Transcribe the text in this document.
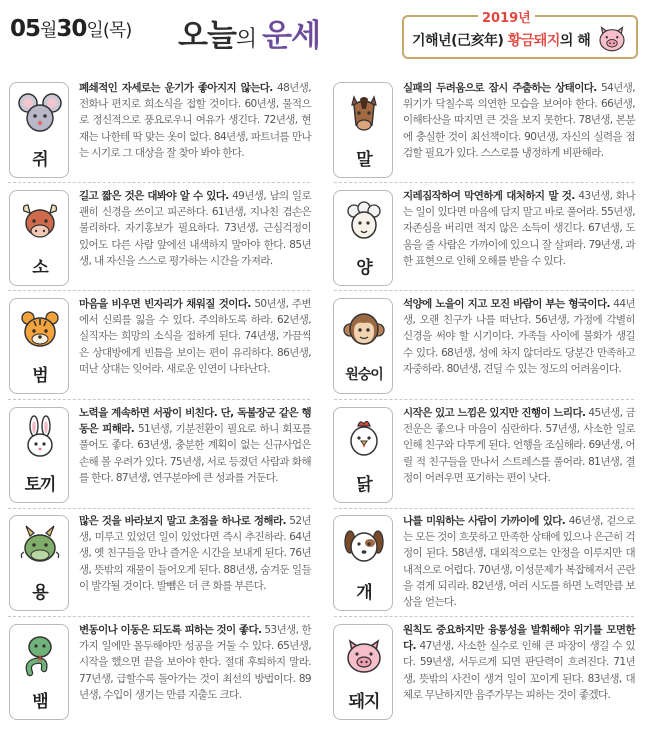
05월30일(목) 오늘의 운세	2019년
기해년(己亥年) 황금돼지의 해
쥐
폐쇄적인 자세로는 운기가 좋아지지 않는다. 48년생, 전화나 편지로 희소식을 접할 것이다. 60년생, 물적으로 정신적으로 풍요로우니 여유가 생긴다. 72년생, 현재는 나한테 딱 맞는 옷이 없다. 84년생, 파트너를 만나는 시기로 그 대상을 잘 찾아 봐야 한다.	말
실패의 두려움으로 잠시 주춤하는 상태이다. 54년생, 위기가 닥칠수록 의연한 모습을 보여야 한다. 66년생, 이해타산을 따지면 큰 것을 보지 못한다. 78년생, 본분에 충실한 것이 최선책이다. 90년생, 자신의 실력을 점검할 필요가 있다. 스스로를 냉정하게 비판해라.
소
길고 짧은 것은 대봐야 알 수 있다. 49년생, 남의 일로 괜히 신경을 쓰이고 피곤하다. 61년생, 지나친 겸손은 불리하다. 자기홍보가 필요하다. 73년생, 근심걱정이 있어도 다른 사람 앞에선 내색하지 말아야 한다. 85년생, 내 자신을 스스로 평가하는 시간을 가져라.	양
지레짐작하여 막연하게 대처하지 말 것. 43년생, 화나는 일이 있다면 마음에 담지 말고 바로 풀어라. 55년생, 자존심을 버리면 적지 않은 소득이 생긴다. 67년생, 도움을 줄 사람은 가까이에 있으니 잘 살펴라. 79년생, 과한 표현으로 인해 오해를 받을 수 있다.
범
마음을 비우면 빈자리가 채워질 것이다. 50년생, 주변에서 신뢰를 잃을 수 있다. 주의하도록 하라. 62년생, 실직자는 희망의 소식을 접하게 된다. 74년생, 가끔씩은 상대방에게 빈틈을 보이는 편이 유리하다. 86년생, 떠난 상대는 잊어라. 새로운 인연이 나타난다.	원숭이
석양에 노을이 지고 모진 바람이 부는 형국이다. 44년생, 오랜 친구가 나를 떠난다. 56년생, 가정에 각별히 신경을 써야 할 시기이다. 가족들 사이에 불화가 생길 수 있다. 68년생, 성에 차지 않더라도 당분간 만족하고 자중하라. 80년생, 견딜 수 있는 정도의 어려움이다.
토끼
노력을 계속하면 서광이 비친다. 단, 독불장군 같은 행동은 피해라. 51년생, 기분전환이 필요로 하니 회포를 풀어도 좋다. 63년생, 충분한 계획이 없는 신규사업은 손해 볼 우려가 있다. 75년생, 서로 등졌던 사람과 화해를 한다. 87년생, 연구분야에 큰 성과를 거둔다.	닭
시작은 있고 느낌은 있지만 진행이 느리다. 45년생, 금전운은 좋으나 마음이 심란하다. 57년생, 사소한 일로 인해 친구와 다투게 된다. 언행을 조심해라. 69년생, 어릴 적 친구들을 만나서 스트레스를 풀어라. 81년생, 결정이 어려우면 포기하는 편이 낫다.
용
많은 것을 바라보지 말고 초점을 하나로 정해라. 52년생, 미루고 있었던 일이 있었다면 즉시 추진하라. 64년생, 옛 친구들을 만나 즐거운 시간을 보내게 된다. 76년생, 뜻밖의 재물이 들어오게 된다. 88년생, 숨겨둔 일들이 발각될 것이다. 발뺌은 더 큰 화를 부른다.	개
나를 미워하는 사람이 가까이에 있다. 46년생, 겉으로는 모든 것이 흐뭇하고 만족한 상태에 있으나 은근히 걱정이 된다. 58년생, 대외적으로는 안정을 이루지만 대내적으로 어렵다. 70년생, 이성문제가 복잡해져서 곤란을 겪게 되리라. 82년생, 여러 시도를 하면 노력만큼 보상을 얻는다.
뱀
변동이나 이동은 되도록 피하는 것이 좋다. 53년생, 한 가지 일에만 몰두해야만 성공을 거둘 수 있다. 65년생, 시작을 했으면 끝을 보아야 한다. 절대 후퇴하지 말라. 77년생, 급할수록 돌아가는 것이 최선의 방법이다. 89년생, 수입이 생기는 만큼 지출도 크다.	돼지
원칙도 중요하지만 융통성을 발휘해야 위기를 모면한다. 47년생, 사소한 실수로 인해 큰 파장이 생길 수 있다. 59년생, 서두르게 되면 판단력이 흐려진다. 71년생, 뜻밖의 사건이 생겨 일이 꼬이게 된다. 83년생, 대체로 무난하지만 음주가무는 피하는 것이 좋겠다.
